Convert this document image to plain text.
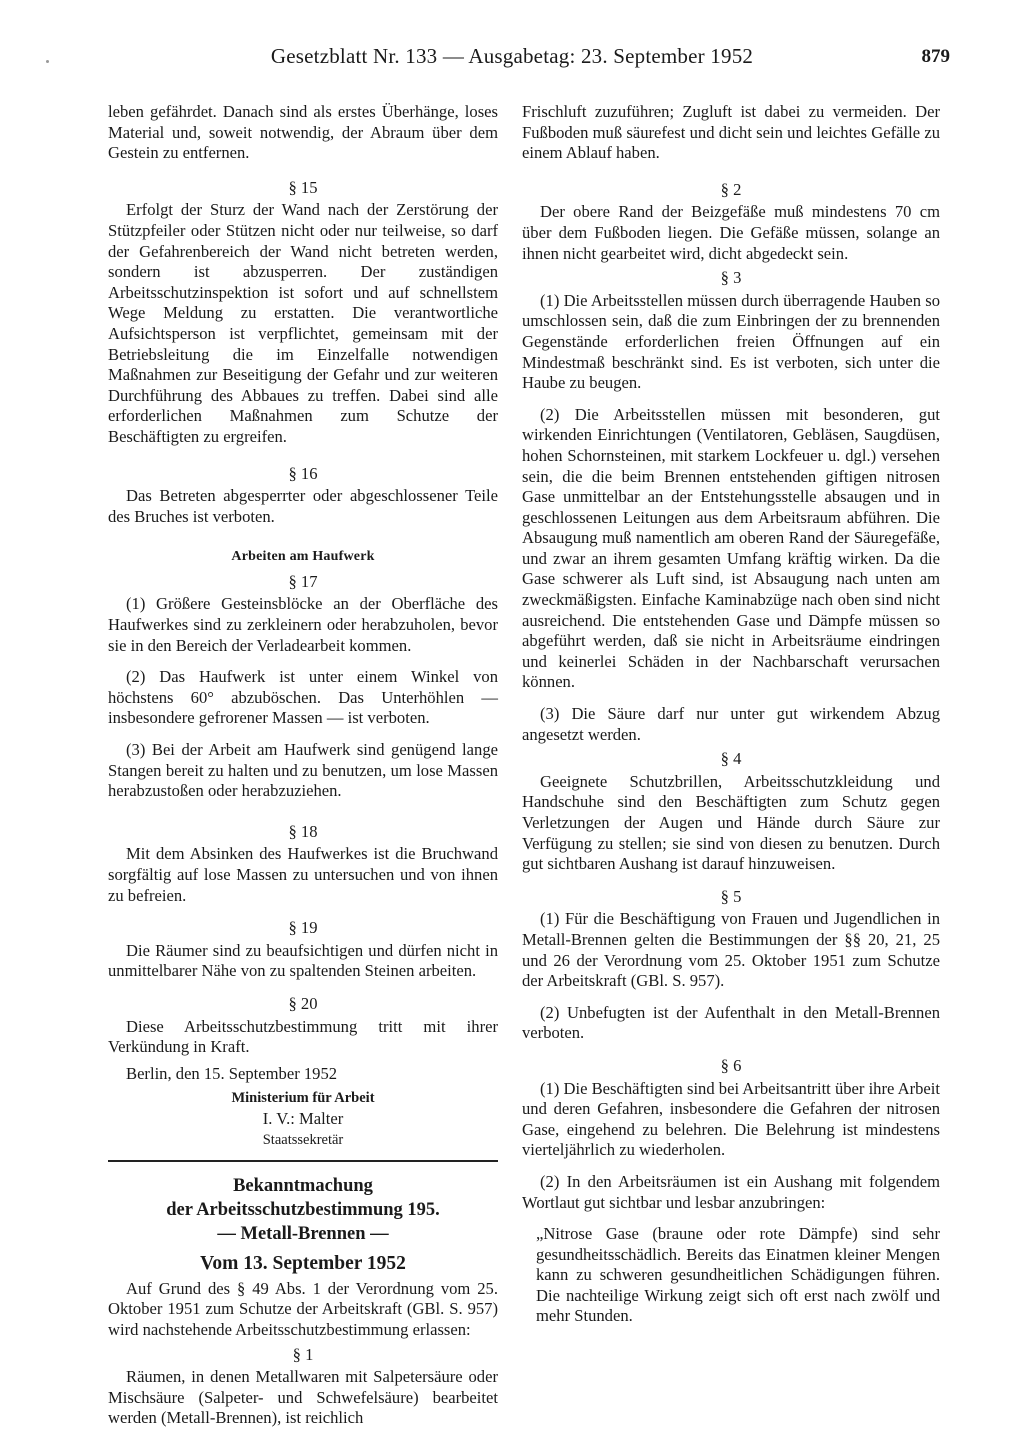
Gesetzblatt Nr. 133 — Ausgabetag: 23. September 1952	879

leben gefährdet. Danach sind als erstes Überhänge, loses Material und, soweit notwendig, der Abraum über dem Gestein zu entfernen.

§ 15

Erfolgt der Sturz der Wand nach der Zerstörung der Stützpfeiler oder Stützen nicht oder nur teilweise, so darf der Gefahrenbereich der Wand nicht betreten werden, sondern ist abzusperren. Der zuständigen Arbeitsschutzinspektion ist sofort und auf schnellstem Wege Meldung zu erstatten. Die verantwortliche Aufsichtsperson ist verpflichtet, gemeinsam mit der Betriebsleitung die im Einzelfalle notwendigen Maßnahmen zur Beseitigung der Gefahr und zur weiteren Durchführung des Abbaues zu treffen. Dabei sind alle erforderlichen Maßnahmen zum Schutze der Beschäftigten zu ergreifen.

§ 16

Das Betreten abgesperrter oder abgeschlossener Teile des Bruches ist verboten.

Arbeiten am Haufwerk
§ 17

(1) Größere Gesteinsblöcke an der Oberfläche des Haufwerkes sind zu zerkleinern oder herabzuholen, bevor sie in den Bereich der Verladearbeit kommen.

(2) Das Haufwerk ist unter einem Winkel von höchstens 60° abzuböschen. Das Unterhöhlen — insbesondere gefrorener Massen — ist verboten.

(3) Bei der Arbeit am Haufwerk sind genügend lange Stangen bereit zu halten und zu benutzen, um lose Massen herabzustoßen oder herabzuziehen.

§ 18

Mit dem Absinken des Haufwerkes ist die Bruchwand sorgfältig auf lose Massen zu untersuchen und von ihnen zu befreien.

§ 19

Die Räumer sind zu beaufsichtigen und dürfen nicht in unmittelbarer Nähe von zu spaltenden Steinen arbeiten.

§ 20

Diese Arbeitsschutzbestimmung tritt mit ihrer Verkündung in Kraft.

Berlin, den 15. September 1952

Ministerium für Arbeit
I. V.: Malter
Staatssekretär
Bekanntmachung
der Arbeitsschutzbestimmung 195.
— Metall-Brennen —
Vom 13. September 1952

Auf Grund des § 49 Abs. 1 der Verordnung vom 25. Oktober 1951 zum Schutze der Arbeitskraft (GBl. S. 957) wird nachstehende Arbeitsschutzbestimmung erlassen:

§ 1

Räumen, in denen Metallwaren mit Salpetersäure oder Mischsäure (Salpeter- und Schwefelsäure) bearbeitet werden (Metall-Brennen), ist reichlich

Frischluft zuzuführen; Zugluft ist dabei zu vermeiden. Der Fußboden muß säurefest und dicht sein und leichtes Gefälle zu einem Ablauf haben.

§ 2

Der obere Rand der Beizgefäße muß mindestens 70 cm über dem Fußboden liegen. Die Gefäße müssen, solange an ihnen nicht gearbeitet wird, dicht abgedeckt sein.

§ 3

(1) Die Arbeitsstellen müssen durch überragende Hauben so umschlossen sein, daß die zum Einbringen der zu brennenden Gegenstände erforderlichen freien Öffnungen auf ein Mindestmaß beschränkt sind. Es ist verboten, sich unter die Haube zu beugen.

(2) Die Arbeitsstellen müssen mit besonderen, gut wirkenden Einrichtungen (Ventilatoren, Gebläsen, Saugdüsen, hohen Schornsteinen, mit starkem Lockfeuer u. dgl.) versehen sein, die die beim Brennen entstehenden giftigen nitrosen Gase unmittelbar an der Entstehungsstelle absaugen und in geschlossenen Leitungen aus dem Arbeitsraum abführen. Die Absaugung muß namentlich am oberen Rand der Säuregefäße, und zwar an ihrem gesamten Umfang kräftig wirken. Da die Gase schwerer als Luft sind, ist Absaugung nach unten am zweckmäßigsten. Einfache Kaminabzüge nach oben sind nicht ausreichend. Die entstehenden Gase und Dämpfe müssen so abgeführt werden, daß sie nicht in Arbeitsräume eindringen und keinerlei Schäden in der Nachbarschaft verursachen können.

(3) Die Säure darf nur unter gut wirkendem Abzug angesetzt werden.

§ 4

Geeignete Schutzbrillen, Arbeitsschutzkleidung und Handschuhe sind den Beschäftigten zum Schutz gegen Verletzungen der Augen und Hände durch Säure zur Verfügung zu stellen; sie sind von diesen zu benutzen. Durch gut sichtbaren Aushang ist darauf hinzuweisen.

§ 5

(1) Für die Beschäftigung von Frauen und Jugendlichen in Metall-Brennen gelten die Bestimmungen der §§ 20, 21, 25 und 26 der Verordnung vom 25. Oktober 1951 zum Schutze der Arbeitskraft (GBl. S. 957).

(2) Unbefugten ist der Aufenthalt in den Metall-Brennen verboten.

§ 6

(1) Die Beschäftigten sind bei Arbeitsantritt über ihre Arbeit und deren Gefahren, insbesondere die Gefahren der nitrosen Gase, eingehend zu belehren. Die Belehrung ist mindestens vierteljährlich zu wiederholen.

(2) In den Arbeitsräumen ist ein Aushang mit folgendem Wortlaut gut sichtbar und lesbar anzubringen:

„Nitrose Gase (braune oder rote Dämpfe) sind sehr gesundheitsschädlich. Bereits das Einatmen kleiner Mengen kann zu schweren gesundheitlichen Schädigungen führen. Die nachteilige Wirkung zeigt sich oft erst nach zwölf und mehr Stunden.
